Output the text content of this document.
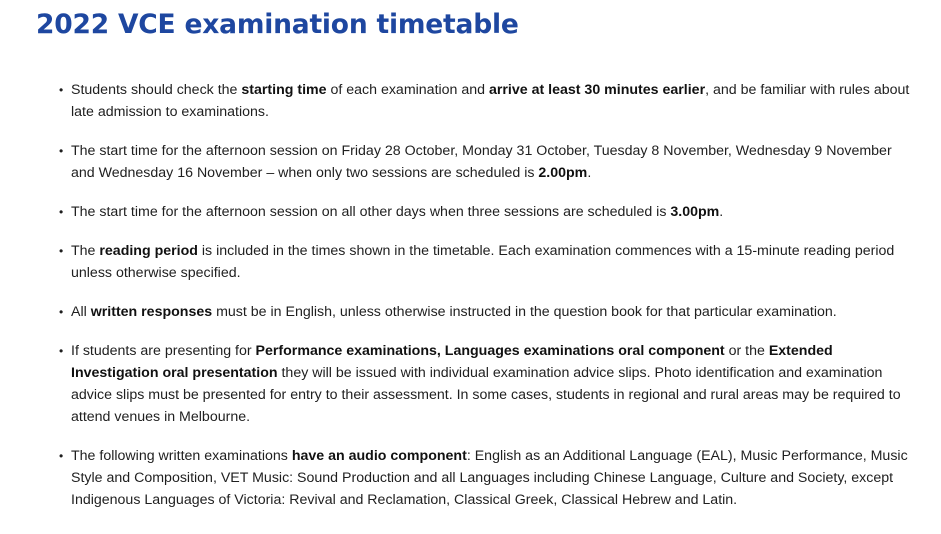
2022 VCE examination timetable
• Students should check the starting time of each examination and arrive at least 30 minutes earlier, and be familiar with rules about late admission to examinations.
• The start time for the afternoon session on Friday 28 October, Monday 31 October, Tuesday 8 November, Wednesday 9 November and Wednesday 16 November – when only two sessions are scheduled is 2.00pm.
• The start time for the afternoon session on all other days when three sessions are scheduled is 3.00pm.
• The reading period is included in the times shown in the timetable. Each examination commences with a 15-minute reading period unless otherwise specified.
• All written responses must be in English, unless otherwise instructed in the question book for that particular examination.
• If students are presenting for Performance examinations, Languages examinations oral component or the Extended Investigation oral presentation they will be issued with individual examination advice slips. Photo identification and examination advice slips must be presented for entry to their assessment. In some cases, students in regional and rural areas may be required to attend venues in Melbourne.
• The following written examinations have an audio component: English as an Additional Language (EAL), Music Performance, Music Style and Composition, VET Music: Sound Production and all Languages including Chinese Language, Culture and Society, except Indigenous Languages of Victoria: Revival and Reclamation, Classical Greek, Classical Hebrew and Latin.
